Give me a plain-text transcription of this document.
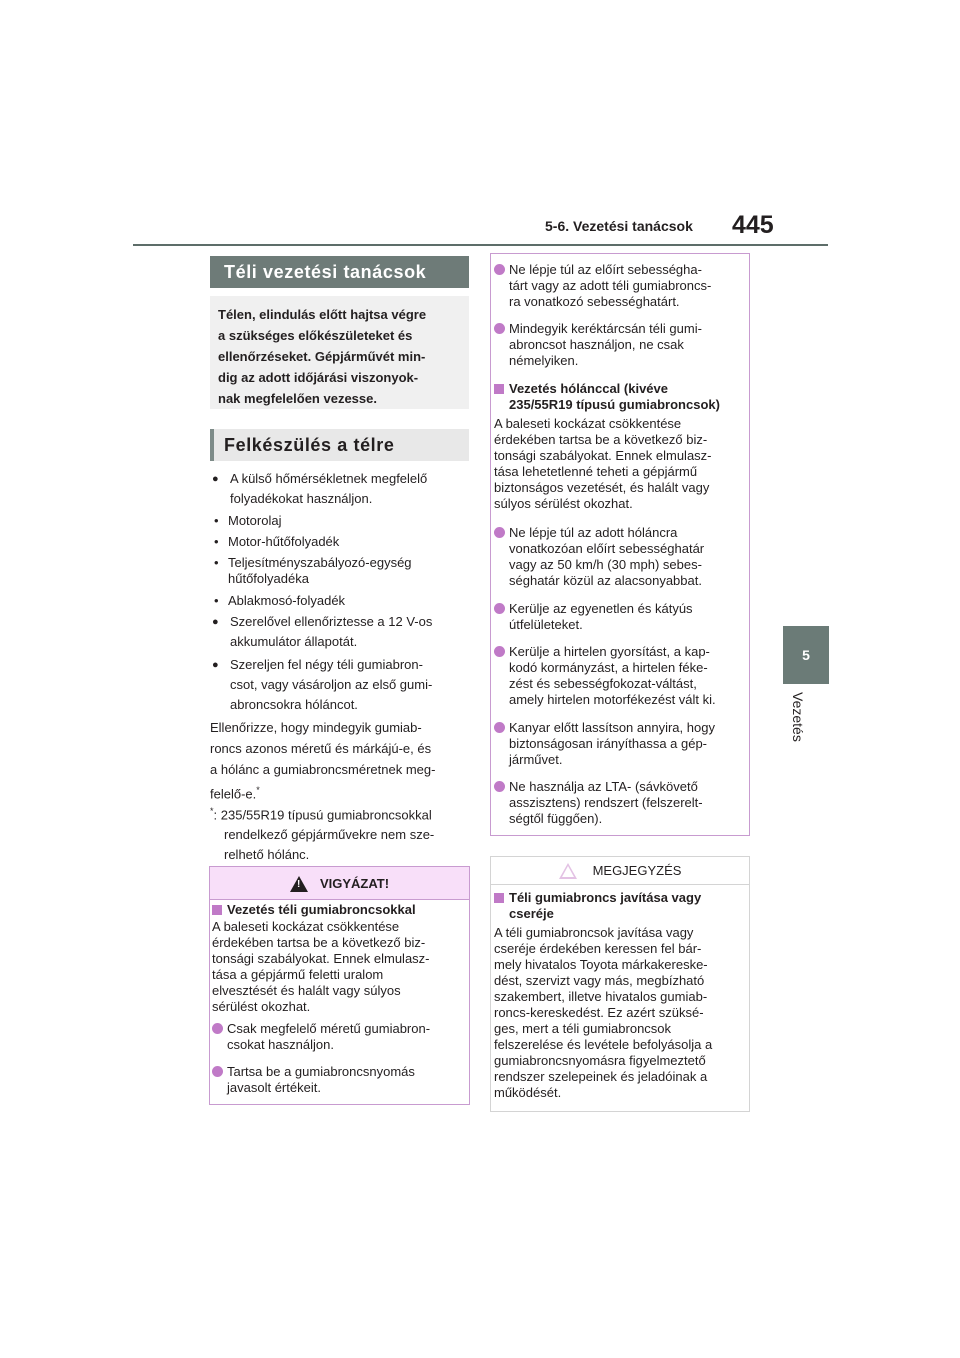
5-6. Vezetési tanácsok 445
5
Vezetés
Téli vezetési tanácsok
Télen, elindulás előtt hajtsa végre
a szükséges előkészületeket és
ellenőrzéseket. Gépjárművét min-
dig az adott időjárási viszonyok-
nak megfelelően vezesse.
Felkészülés a télre
● A külső hőmérsékletnek megfelelő
folyadékokat használjon.
• Motorolaj
• Motor-hűtőfolyadék
• Teljesítményszabályozó-egység
hűtőfolyadéka
• Ablakmosó-folyadék
● Szerelővel ellenőriztesse a 12 V-os
akkumulátor állapotát.
● Szereljen fel négy téli gumiabron-
csot, vagy vásároljon az első gumi-
abroncsokra hóláncot.
Ellenőrizze, hogy mindegyik gumiab-
roncs azonos méretű és márkájú-e, és
a hólánc a gumiabroncsméretnek meg-
felelő-e.*
*: 235/55R19 típusú gumiabroncsokkal
rendelkező gépjárművekre nem sze-
relhető hólánc.
!
VIGYÁZAT!
Vezetés téli gumiabroncsokkal
A baleseti kockázat csökkentése
érdekében tartsa be a következő biz-
tonsági szabályokat. Ennek elmulasz-
tása a gépjármű feletti uralom
elvesztését és halált vagy súlyos
sérülést okozhat.
Csak megfelelő méretű gumiabron-
csokat használjon.
Tartsa be a gumiabroncsnyomás
javasolt értékeit.
Ne lépje túl az előírt sebességha-
tárt vagy az adott téli gumiabroncs-
ra vonatkozó sebességhatárt.
Mindegyik keréktárcsán téli gumi-
abroncsot használjon, ne csak
némelyiken.
Vezetés hólánccal (kivéve
235/55R19 típusú gumiabroncsok)
A baleseti kockázat csökkentése
érdekében tartsa be a következő biz-
tonsági szabályokat. Ennek elmulasz-
tása lehetetlenné teheti a gépjármű
biztonságos vezetését, és halált vagy
súlyos sérülést okozhat.
Ne lépje túl az adott hóláncra
vonatkozóan előírt sebességhatár
vagy az 50 km/h (30 mph) sebes-
séghatár közül az alacsonyabbat.
Kerülje az egyenetlen és kátyús
útfelületeket.
Kerülje a hirtelen gyorsítást, a kap-
kodó kormányzást, a hirtelen féke-
zést és sebességfokozat-váltást,
amely hirtelen motorfékezést vált ki.
Kanyar előtt lassítson annyira, hogy
biztonságosan irányíthassa a gép-
járművet.
Ne használja az LTA- (sávkövető
asszisztens) rendszert (felszerelt-
ségtől függően).
MEGJEGYZÉS
Téli gumiabroncs javítása vagy
cseréje
A téli gumiabroncsok javítása vagy
cseréje érdekében keressen fel bár-
mely hivatalos Toyota márkakereske-
dést, szervizt vagy más, megbízható
szakembert, illetve hivatalos gumiab-
roncs-kereskedést. Ez azért szüksé-
ges, mert a téli gumiabroncsok
felszerelése és levétele befolyásolja a
gumiabroncsnyomásra figyelmeztető
rendszer szelepeinek és jeladóinak a
működését.
